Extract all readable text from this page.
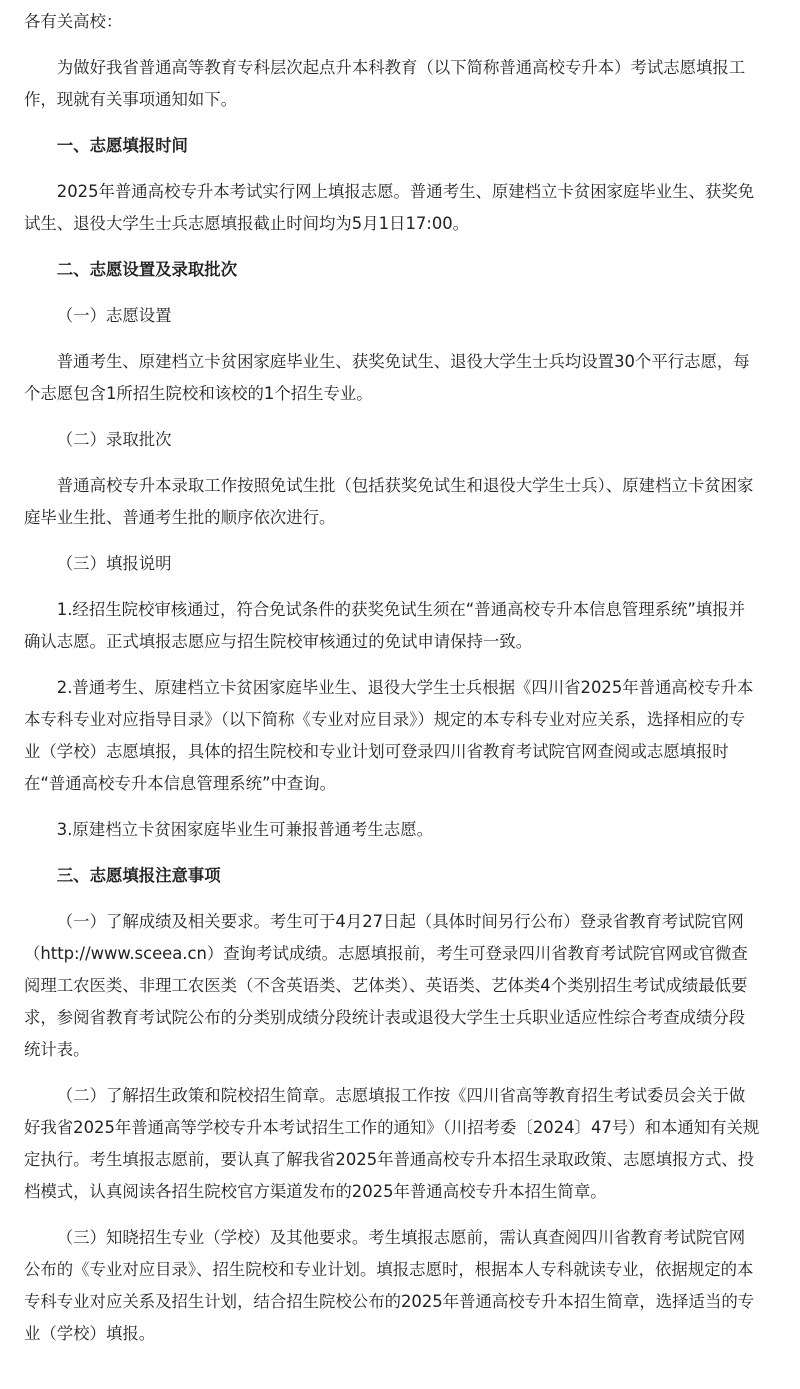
各有关高校：

为做好我省普通高等教育专科层次起点升本科教育（以下简称普通高校专升本）考试志愿填报工作，现就有关事项通知如下。

一、志愿填报时间

2025年普通高校专升本考试实行网上填报志愿。普通考生、原建档立卡贫困家庭毕业生、获奖免试生、退役大学生士兵志愿填报截止时间均为5月1日17:00。

二、志愿设置及录取批次

（一）志愿设置

普通考生、原建档立卡贫困家庭毕业生、获奖免试生、退役大学生士兵均设置30个平行志愿，每个志愿包含1所招生院校和该校的1个招生专业。

（二）录取批次

普通高校专升本录取工作按照免试生批（包括获奖免试生和退役大学生士兵）、原建档立卡贫困家庭毕业生批、普通考生批的顺序依次进行。

（三）填报说明

1.经招生院校审核通过，符合免试条件的获奖免试生须在“普通高校专升本信息管理系统”填报并确认志愿。正式填报志愿应与招生院校审核通过的免试申请保持一致。

2.普通考生、原建档立卡贫困家庭毕业生、退役大学生士兵根据《四川省2025年普通高校专升本本专科专业对应指导目录》（以下简称《专业对应目录》）规定的本专科专业对应关系，选择相应的专业（学校）志愿填报，具体的招生院校和专业计划可登录四川省教育考试院官网查阅或志愿填报时在“普通高校专升本信息管理系统”中查询。

3.原建档立卡贫困家庭毕业生可兼报普通考生志愿。

三、志愿填报注意事项

（一）了解成绩及相关要求。考生可于4月27日起（具体时间另行公布）登录省教育考试院官网（http://www.sceea.cn）查询考试成绩。志愿填报前，考生可登录四川省教育考试院官网或官微查阅理工农医类、非理工农医类（不含英语类、艺体类）、英语类、艺体类4个类别招生考试成绩最低要求，参阅省教育考试院公布的分类别成绩分段统计表或退役大学生士兵职业适应性综合考查成绩分段统计表。

（二）了解招生政策和院校招生简章。志愿填报工作按《四川省高等教育招生考试委员会关于做好我省2025年普通高等学校专升本考试招生工作的通知》（川招考委〔2024〕47号）和本通知有关规定执行。考生填报志愿前，要认真了解我省2025年普通高校专升本招生录取政策、志愿填报方式、投档模式，认真阅读各招生院校官方渠道发布的2025年普通高校专升本招生简章。

（三）知晓招生专业（学校）及其他要求。考生填报志愿前，需认真查阅四川省教育考试院官网公布的《专业对应目录》、招生院校和专业计划。填报志愿时，根据本人专科就读专业，依据规定的本专科专业对应关系及招生计划，结合招生院校公布的2025年普通高校专升本招生简章，选择适当的专业（学校）填报。
